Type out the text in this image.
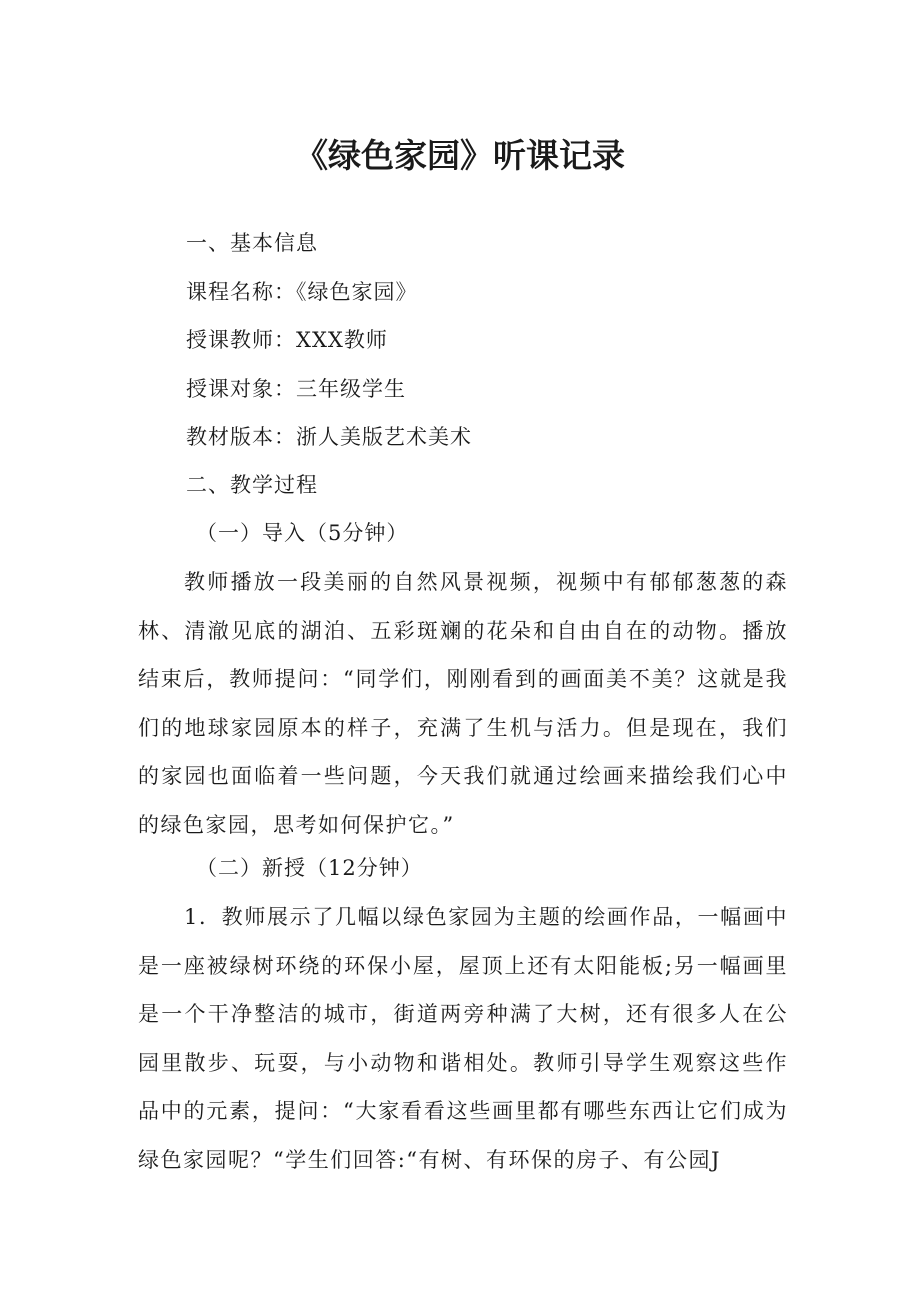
《绿色家园》听课记录
一、基本信息
课程名称：《绿色家园》
授课教师：XXX教师
授课对象：三年级学生
教材版本：浙人美版艺术美术
二、教学过程
（一）导入（5分钟）
教师播放一段美丽的自然风景视频，视频中有郁郁葱葱的森林、清澈见底的湖泊、五彩斑斓的花朵和自由自在的动物。播放结束后，教师提问：“同学们，刚刚看到的画面美不美？这就是我们的地球家园原本的样子，充满了生机与活力。但是现在，我们的家园也面临着一些问题，今天我们就通过绘画来描绘我们心中的绿色家园，思考如何保护它。”
（二）新授（12分钟）
1．教师展示了几幅以绿色家园为主题的绘画作品，一幅画中是一座被绿树环绕的环保小屋，屋顶上还有太阳能板;另一幅画里是一个干净整洁的城市，街道两旁种满了大树，还有很多人在公园里散步、玩耍，与小动物和谐相处。教师引导学生观察这些作品中的元素，提问：“大家看看这些画里都有哪些东西让它们成为绿色家园呢？“学生们回答:“有树、有环保的房子、有公园J
